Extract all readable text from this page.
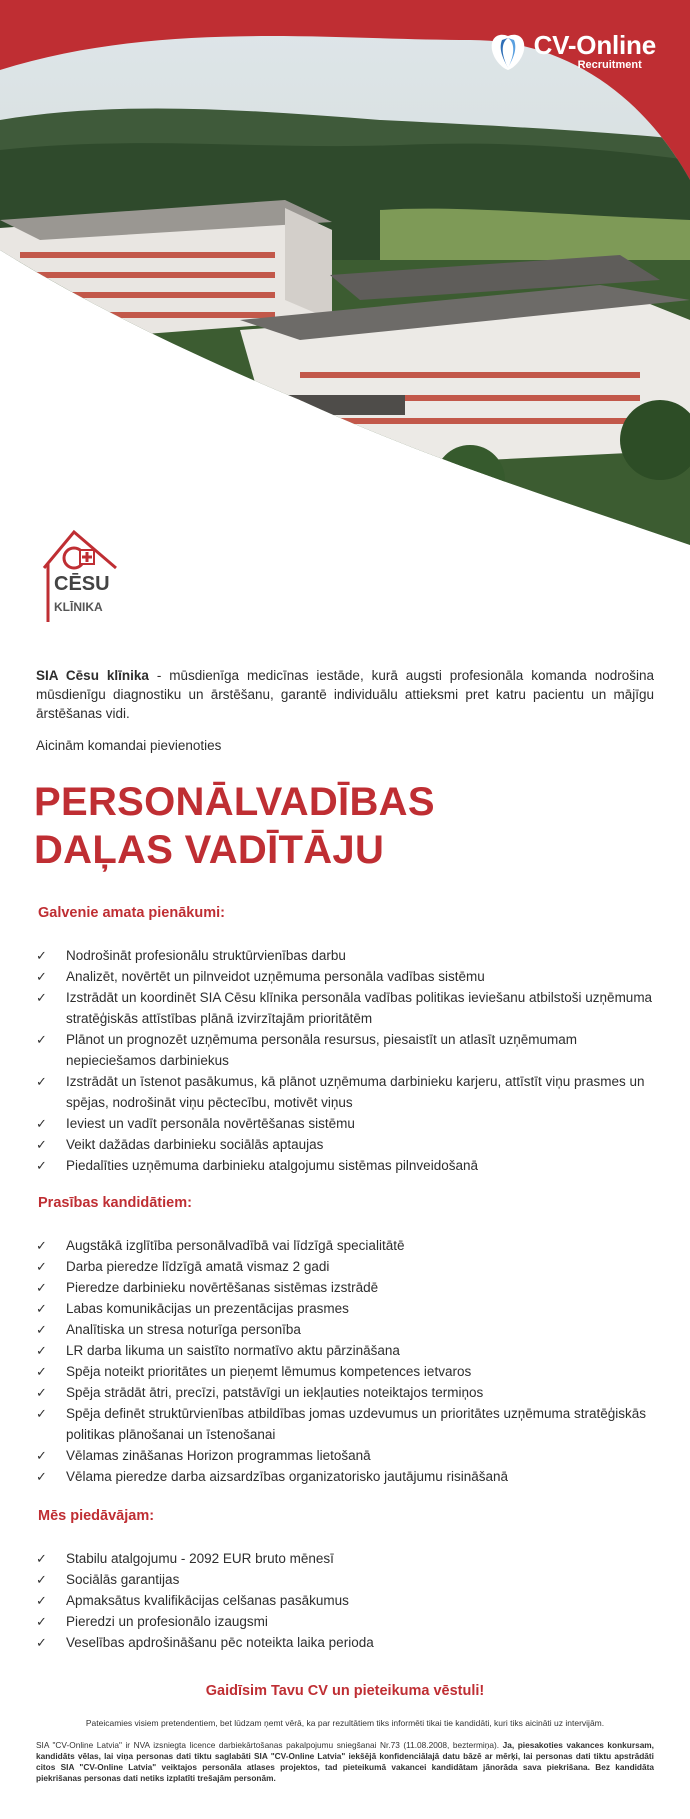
CV-Online
Recruitment
CĒSU
KLĪNIKA
SIA Cēsu klīnika - mūsdienīga medicīnas iestāde, kurā augsti profesionāla komanda nodrošina mūsdienīgu diagnostiku un ārstēšanu, garantē individuālu attieksmi pret katru pacientu un mājīgu ārstēšanas vidi.
Aicinām komandai pievienoties
PERSONĀLVADĪBAS
DAĻAS VADĪTĀJU
Galvenie amata pienākumi:
✓ Nodrošināt profesionālu struktūrvienības darbu
✓ Analizēt, novērtēt un pilnveidot uzņēmuma personāla vadības sistēmu
✓ Izstrādāt un koordinēt SIA Cēsu klīnika personāla vadības politikas ieviešanu atbilstoši uzņēmuma stratēģiskās attīstības plānā izvirzītajām prioritātēm
✓ Plānot un prognozēt uzņēmuma personāla resursus, piesaistīt un atlasīt uzņēmumam nepieciešamos darbiniekus
✓ Izstrādāt un īstenot pasākumus, kā plānot uzņēmuma darbinieku karjeru, attīstīt viņu prasmes un spējas, nodrošināt viņu pēctecību, motivēt viņus
✓ Ieviest un vadīt personāla novērtēšanas sistēmu
✓ Veikt dažādas darbinieku sociālās aptaujas
✓ Piedalīties uzņēmuma darbinieku atalgojumu sistēmas pilnveidošanā
Prasības kandidātiem:
✓ Augstākā izglītība personālvadībā vai līdzīgā specialitātē
✓ Darba pieredze līdzīgā amatā vismaz 2 gadi
✓ Pieredze darbinieku novērtēšanas sistēmas izstrādē
✓ Labas komunikācijas un prezentācijas prasmes
✓ Analītiska un stresa noturīga personība
✓ LR darba likuma un saistīto normatīvo aktu pārzināšana
✓ Spēja noteikt prioritātes un pieņemt lēmumus kompetences ietvaros
✓ Spēja strādāt ātri, precīzi, patstāvīgi un iekļauties noteiktajos termiņos
✓ Spēja definēt struktūrvienības atbildības jomas uzdevumus un prioritātes uzņēmuma stratēģiskās politikas plānošanai un īstenošanai
✓ Vēlamas zināšanas Horizon programmas lietošanā
✓ Vēlama pieredze darba aizsardzības organizatorisko jautājumu risināšanā
Mēs piedāvājam:
✓ Stabilu atalgojumu - 2092 EUR bruto mēnesī
✓ Sociālās garantijas
✓ Apmaksātus kvalifikācijas celšanas pasākumus
✓ Pieredzi un profesionālo izaugsmi
✓ Veselības apdrošināšanu pēc noteikta laika perioda
Gaidīsim Tavu CV un pieteikuma vēstuli!
Pateicamies visiem pretendentiem, bet lūdzam ņemt vērā, ka par rezultātiem tiks informēti tikai tie kandidāti, kuri tiks aicināti uz intervijām.
SIA "CV-Online Latvia" ir NVA izsniegta licence darbiekārtošanas pakalpojumu sniegšanai Nr.73 (11.08.2008, beztermiņa). Ja, piesakoties vakances konkursam, kandidāts vēlas, lai viņa personas dati tiktu saglabāti SIA "CV-Online Latvia" iekšējā konfidenciālajā datu bāzē ar mērķi, lai personas dati tiktu apstrādāti citos SIA "CV-Online Latvia" veiktajos personāla atlases projektos, tad pieteikumā vakancei kandidātam jānorāda sava piekrišana. Bez kandidāta piekrišanas personas dati netiks izplatīti trešajām personām.
